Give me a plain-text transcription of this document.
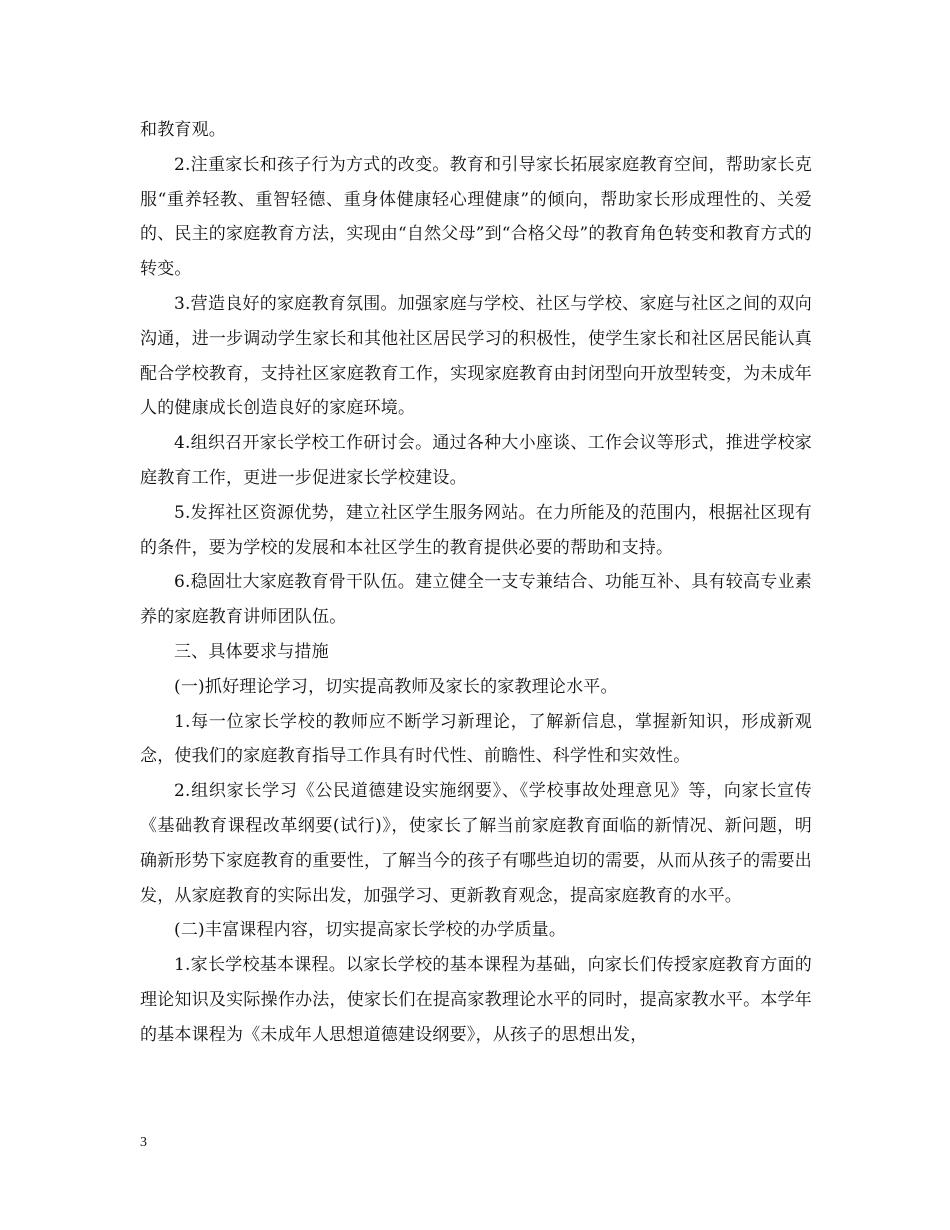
和教育观。

2.注重家长和孩子行为方式的改变。教育和引导家长拓展家庭教育空间，帮助家长克服“重养轻教、重智轻德、重身体健康轻心理健康”的倾向，帮助家长形成理性的、关爱的、民主的家庭教育方法，实现由“自然父母”到“合格父母”的教育角色转变和教育方式的转变。

3.营造良好的家庭教育氛围。加强家庭与学校、社区与学校、家庭与社区之间的双向沟通，进一步调动学生家长和其他社区居民学习的积极性，使学生家长和社区居民能认真配合学校教育，支持社区家庭教育工作，实现家庭教育由封闭型向开放型转变，为未成年人的健康成长创造良好的家庭环境。

4.组织召开家长学校工作研讨会。通过各种大小座谈、工作会议等形式，推进学校家庭教育工作，更进一步促进家长学校建设。

5.发挥社区资源优势，建立社区学生服务网站。在力所能及的范围内，根据社区现有的条件，要为学校的发展和本社区学生的教育提供必要的帮助和支持。

6.稳固壮大家庭教育骨干队伍。建立健全一支专兼结合、功能互补、具有较高专业素养的家庭教育讲师团队伍。

三、具体要求与措施

(一)抓好理论学习，切实提高教师及家长的家教理论水平。

1.每一位家长学校的教师应不断学习新理论，了解新信息，掌握新知识，形成新观念，使我们的家庭教育指导工作具有时代性、前瞻性、科学性和实效性。

2.组织家长学习《公民道德建设实施纲要》、《学校事故处理意见》等，向家长宣传《基础教育课程改革纲要(试行)》，使家长了解当前家庭教育面临的新情况、新问题，明确新形势下家庭教育的重要性，了解当今的孩子有哪些迫切的需要，从而从孩子的需要出发，从家庭教育的实际出发，加强学习、更新教育观念，提高家庭教育的水平。

(二)丰富课程内容，切实提高家长学校的办学质量。

1.家长学校基本课程。以家长学校的基本课程为基础，向家长们传授家庭教育方面的理论知识及实际操作办法，使家长们在提高家教理论水平的同时，提高家教水平。本学年的基本课程为《未成年人思想道德建设纲要》，从孩子的思想出发，

3
